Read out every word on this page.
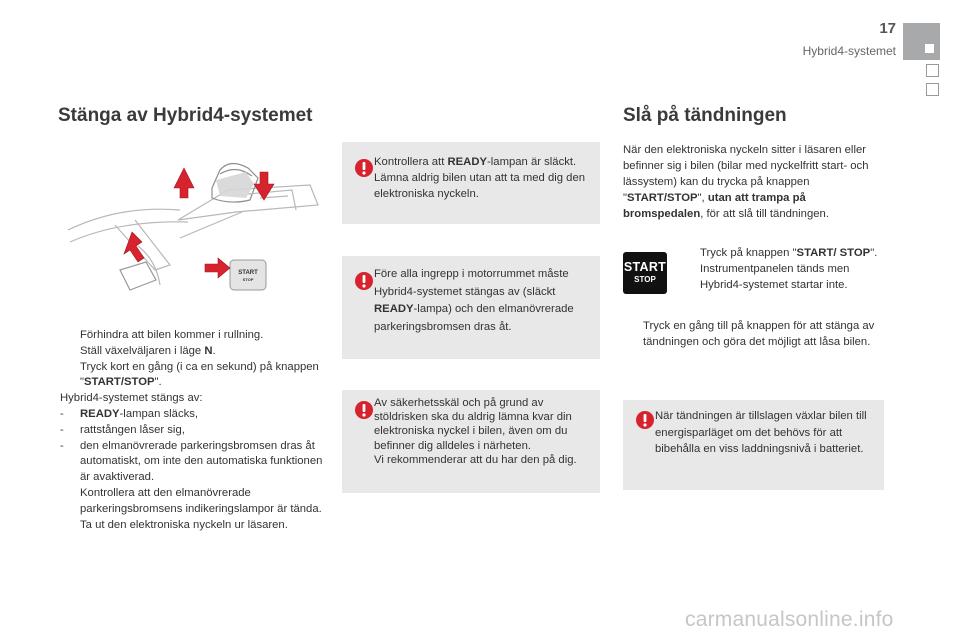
17
Hybrid4-systemet
Stänga av Hybrid4-systemet
START
STOP
Förhindra att bilen kommer i rullning.
Ställ växelväljaren i läge N.
Tryck kort en gång (i ca en sekund) på knappen "START/STOP".
Hybrid4-systemet stängs av:
-	READY-lampan släcks,
-	rattstången låser sig,
-	den elmanövrerade parkeringsbromsen dras åt automatiskt, om inte den automatiska funktionen är avaktiverad.
Kontrollera att den elmanövrerade parkeringsbromsens indikeringslampor är tända.
Ta ut den elektroniska nyckeln ur läsaren.
Kontrollera att READY-lampan är släckt.
Lämna aldrig bilen utan att ta med dig den elektroniska nyckeln.
Före alla ingrepp i motorrummet måste Hybrid4-systemet stängas av (släckt READY-lampa) och den elmanövrerade parkeringsbromsen dras åt.
Av säkerhetsskäl och på grund av stöldrisken ska du aldrig lämna kvar din elektroniska nyckel i bilen, även om du befinner dig alldeles i närheten.
Vi rekommenderar att du har den på dig.
Slå på tändningen
När den elektroniska nyckeln sitter i läsaren eller befinner sig i bilen (bilar med nyckelfritt start- och lässystem) kan du trycka på knappen "START/STOP", utan att trampa på bromspedalen, för att slå till tändningen.
START
STOP
Tryck på knappen "START/ STOP". Instrumentpanelen tänds men Hybrid4-systemet startar inte.
Tryck en gång till på knappen för att stänga av tändningen och göra det möjligt att låsa bilen.
När tändningen är tillslagen växlar bilen till energisparläget om det behövs för att bibehålla en viss laddningsnivå i batteriet.
carmanualsonline.info
